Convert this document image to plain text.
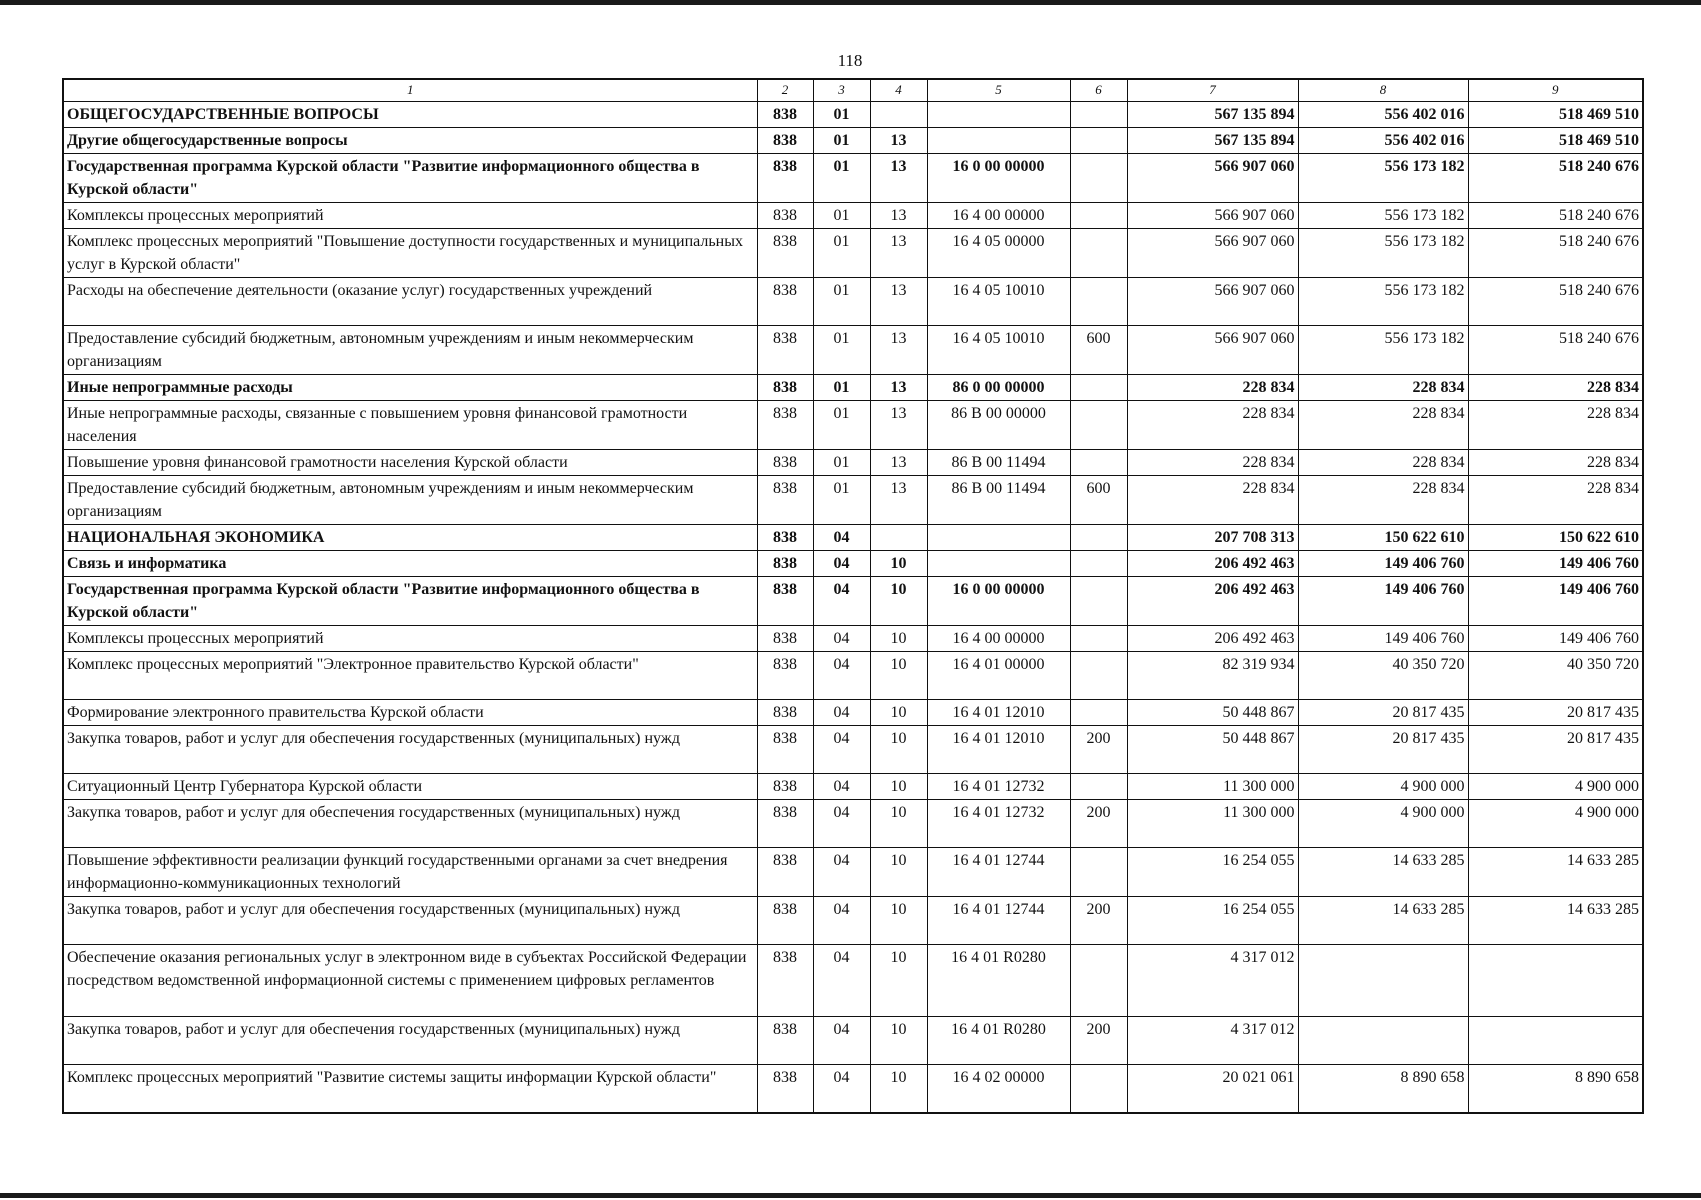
118
1	2	3	4	5	6	7	8	9
ОБЩЕГОСУДАРСТВЕННЫЕ ВОПРОСЫ	838	01				567 135 894	556 402 016	518 469 510
Другие общегосударственные вопросы	838	01	13			567 135 894	556 402 016	518 469 510
Государственная программа Курской области "Развитие информационного общества в Курской области"	838	01	13	16 0 00 00000		566 907 060	556 173 182	518 240 676
Комплексы процессных мероприятий	838	01	13	16 4 00 00000		566 907 060	556 173 182	518 240 676
Комплекс процессных мероприятий "Повышение доступности государственных и муниципальных услуг в Курской области"	838	01	13	16 4 05 00000		566 907 060	556 173 182	518 240 676
Расходы на обеспечение деятельности (оказание услуг) государственных учреждений	838	01	13	16 4 05 10010		566 907 060	556 173 182	518 240 676
Предоставление субсидий бюджетным, автономным учреждениям и иным некоммерческим организациям	838	01	13	16 4 05 10010	600	566 907 060	556 173 182	518 240 676
Иные непрограммные расходы	838	01	13	86 0 00 00000		228 834	228 834	228 834
Иные непрограммные расходы, связанные с повышением уровня финансовой грамотности населения	838	01	13	86 В 00 00000		228 834	228 834	228 834
Повышение уровня финансовой грамотности населения Курской области	838	01	13	86 В 00 11494		228 834	228 834	228 834
Предоставление субсидий бюджетным, автономным учреждениям и иным некоммерческим организациям	838	01	13	86 В 00 11494	600	228 834	228 834	228 834
НАЦИОНАЛЬНАЯ ЭКОНОМИКА	838	04				207 708 313	150 622 610	150 622 610
Связь и информатика	838	04	10			206 492 463	149 406 760	149 406 760
Государственная программа Курской области "Развитие информационного общества в Курской области"	838	04	10	16 0 00 00000		206 492 463	149 406 760	149 406 760
Комплексы процессных мероприятий	838	04	10	16 4 00 00000		206 492 463	149 406 760	149 406 760
Комплекс процессных мероприятий "Электронное правительство Курской области"	838	04	10	16 4 01 00000		82 319 934	40 350 720	40 350 720
Формирование электронного правительства Курской области	838	04	10	16 4 01 12010		50 448 867	20 817 435	20 817 435
Закупка товаров, работ и услуг для обеспечения государственных (муниципальных) нужд	838	04	10	16 4 01 12010	200	50 448 867	20 817 435	20 817 435
Ситуационный Центр Губернатора Курской области	838	04	10	16 4 01 12732		11 300 000	4 900 000	4 900 000
Закупка товаров, работ и услуг для обеспечения государственных (муниципальных) нужд	838	04	10	16 4 01 12732	200	11 300 000	4 900 000	4 900 000
Повышение эффективности реализации функций государственными органами за счет внедрения информационно-коммуникационных технологий	838	04	10	16 4 01 12744		16 254 055	14 633 285	14 633 285
Закупка товаров, работ и услуг для обеспечения государственных (муниципальных) нужд	838	04	10	16 4 01 12744	200	16 254 055	14 633 285	14 633 285
Обеспечение оказания региональных услуг в электронном виде в субъектах Российской Федерации посредством ведомственной информационной системы с применением цифровых регламентов	838	04	10	16 4 01 R0280		4 317 012		
Закупка товаров, работ и услуг для обеспечения государственных (муниципальных) нужд	838	04	10	16 4 01 R0280	200	4 317 012		
Комплекс процессных мероприятий "Развитие системы защиты информации Курской области"	838	04	10	16 4 02 00000		20 021 061	8 890 658	8 890 658
